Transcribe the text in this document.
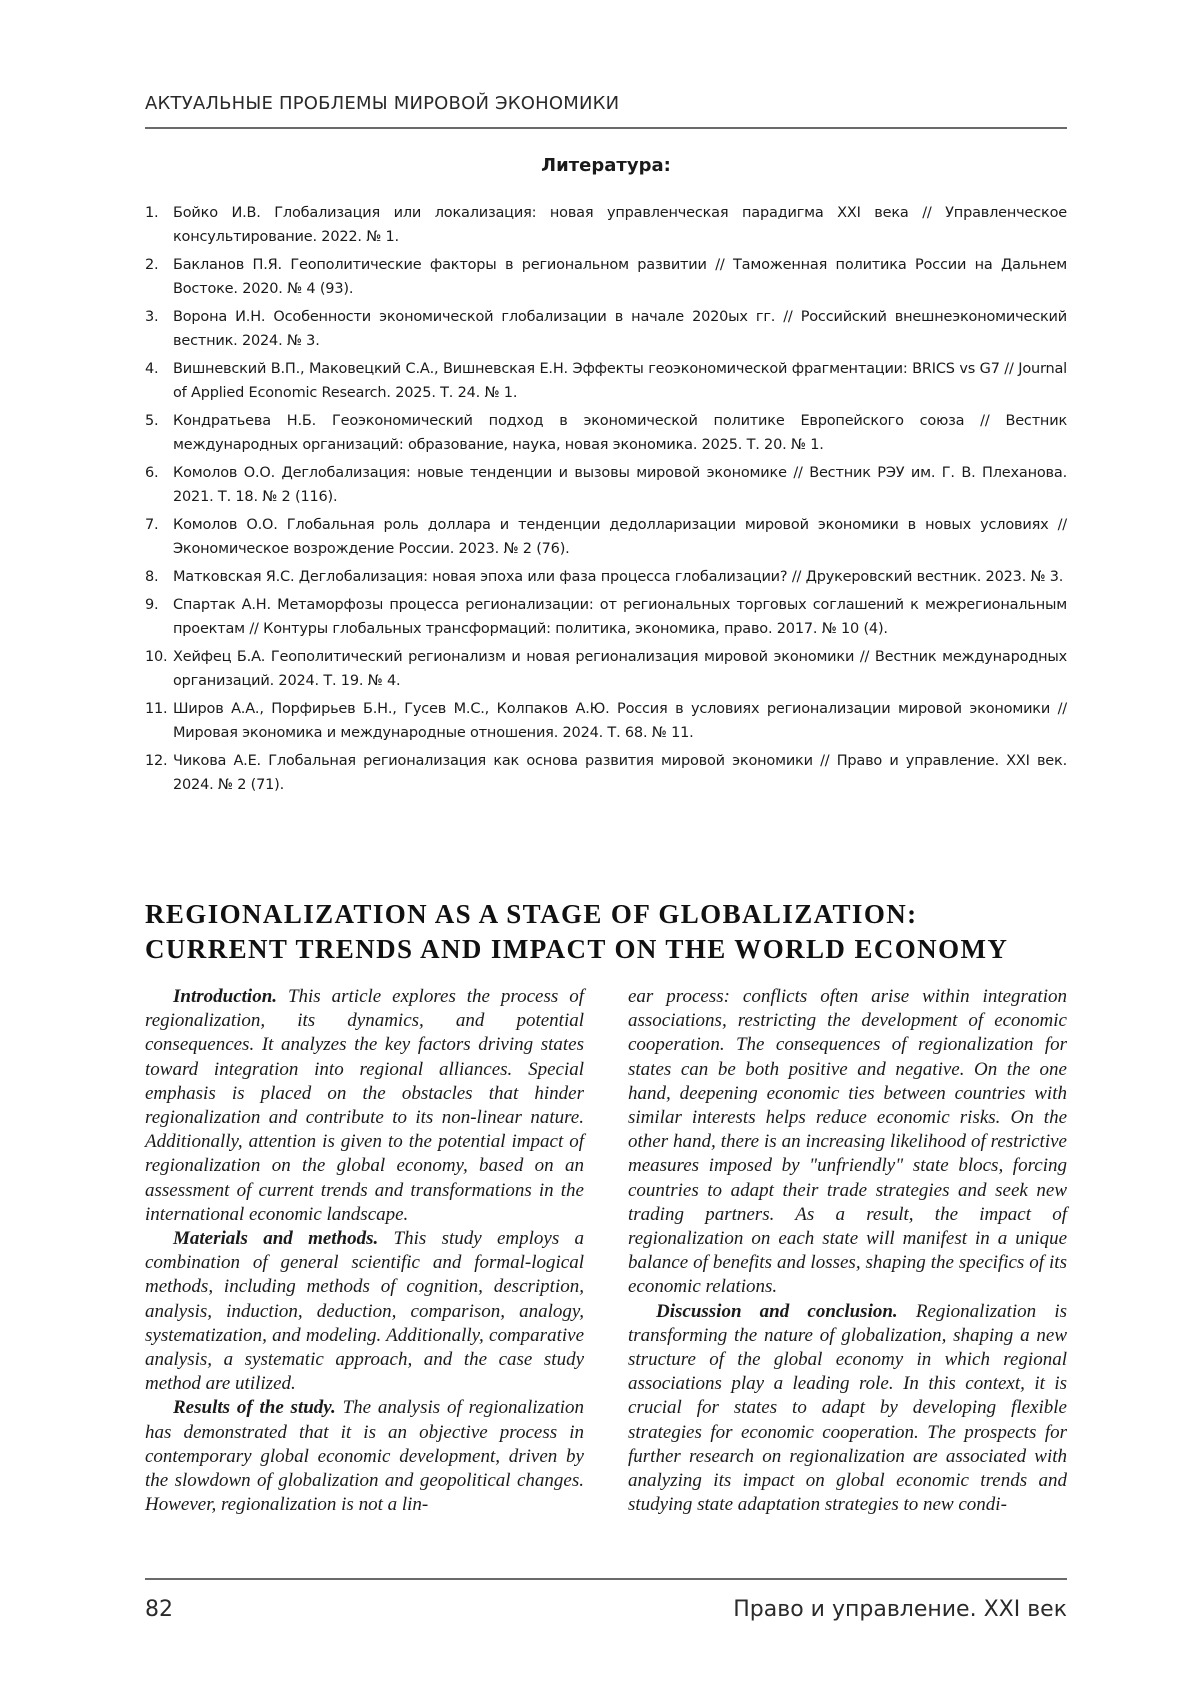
АКТУАЛЬНЫЕ ПРОБЛЕМЫ МИРОВОЙ ЭКОНОМИКИ
Литература:
1. Бойко И.В. Глобализация или локализация: новая управленческая парадигма XXI века // Управленческое консультирование. 2022. № 1.
2. Бакланов П.Я. Геополитические факторы в региональном развитии // Таможенная политика России на Дальнем Востоке. 2020. № 4 (93).
3. Ворона И.Н. Особенности экономической глобализации в начале 2020ых гг. // Российский внешнеэкономический вестник. 2024. № 3.
4. Вишневский В.П., Маковецкий С.А., Вишневская Е.Н. Эффекты геоэкономической фрагментации: BRICS vs G7 // Journal of Applied Economic Research. 2025. Т. 24. № 1.
5. Кондратьева Н.Б. Геоэкономический подход в экономической политике Европейского союза // Вестник международных организаций: образование, наука, новая экономика. 2025. Т. 20. № 1.
6. Комолов О.О. Деглобализация: новые тенденции и вызовы мировой экономике // Вестник РЭУ им. Г. В. Плеханова. 2021. Т. 18. № 2 (116).
7. Комолов О.О. Глобальная роль доллара и тенденции дедолларизации мировой экономики в новых условиях // Экономическое возрождение России. 2023. № 2 (76).
8. Матковская Я.С. Деглобализация: новая эпоха или фаза процесса глобализации? // Друкеровский вестник. 2023. № 3.
9. Спартак А.Н. Метаморфозы процесса регионализации: от региональных торговых соглашений к межрегиональным проектам // Контуры глобальных трансформаций: политика, экономика, право. 2017. № 10 (4).
10. Хейфец Б.А. Геополитический регионализм и новая регионализация мировой экономики // Вестник международных организаций. 2024. Т. 19. № 4.
11. Широв А.А., Порфирьев Б.Н., Гусев М.С., Колпаков А.Ю. Россия в условиях регионализации мировой экономики // Мировая экономика и международные отношения. 2024. Т. 68. № 11.
12. Чикова А.Е. Глобальная регионализация как основа развития мировой экономики // Право и управление. XXI век. 2024. № 2 (71).
REGIONALIZATION AS A STAGE OF GLOBALIZATION:
CURRENT TRENDS AND IMPACT ON THE WORLD ECONOMY

Introduction. This article explores the process of regionalization, its dynamics, and potential consequences. It analyzes the key factors driving states toward integration into regional alliances. Special emphasis is placed on the obstacles that hinder regionalization and contribute to its non-linear nature. Additionally, attention is given to the potential impact of regionalization on the global economy, based on an assessment of current trends and transformations in the international economic landscape.

Materials and methods. This study employs a combination of general scientific and formal-logical methods, including methods of cognition, description, analysis, induction, deduction, comparison, analogy, systematization, and modeling. Additionally, comparative analysis, a systematic approach, and the case study method are utilized.

Results of the study. The analysis of regionalization has demonstrated that it is an objective process in contemporary global economic development, driven by the slowdown of globalization and geopolitical changes. However, regionalization is not a lin-

ear process: conflicts often arise within integration associations, restricting the development of economic cooperation. The consequences of regionalization for states can be both positive and negative. On the one hand, deepening economic ties between countries with similar interests helps reduce economic risks. On the other hand, there is an increasing likelihood of restrictive measures imposed by "unfriendly" state blocs, forcing countries to adapt their trade strategies and seek new trading partners. As a result, the impact of regionalization on each state will manifest in a unique balance of benefits and losses, shaping the specifics of its economic relations.

Discussion and conclusion. Regionalization is transforming the nature of globalization, shaping a new structure of the global economy in which regional associations play a leading role. In this context, it is crucial for states to adapt by developing flexible strategies for economic cooperation. The prospects for further research on regionalization are associated with analyzing its impact on global economic trends and studying state adaptation strategies to new condi-

82	Право и управление. XXI век
